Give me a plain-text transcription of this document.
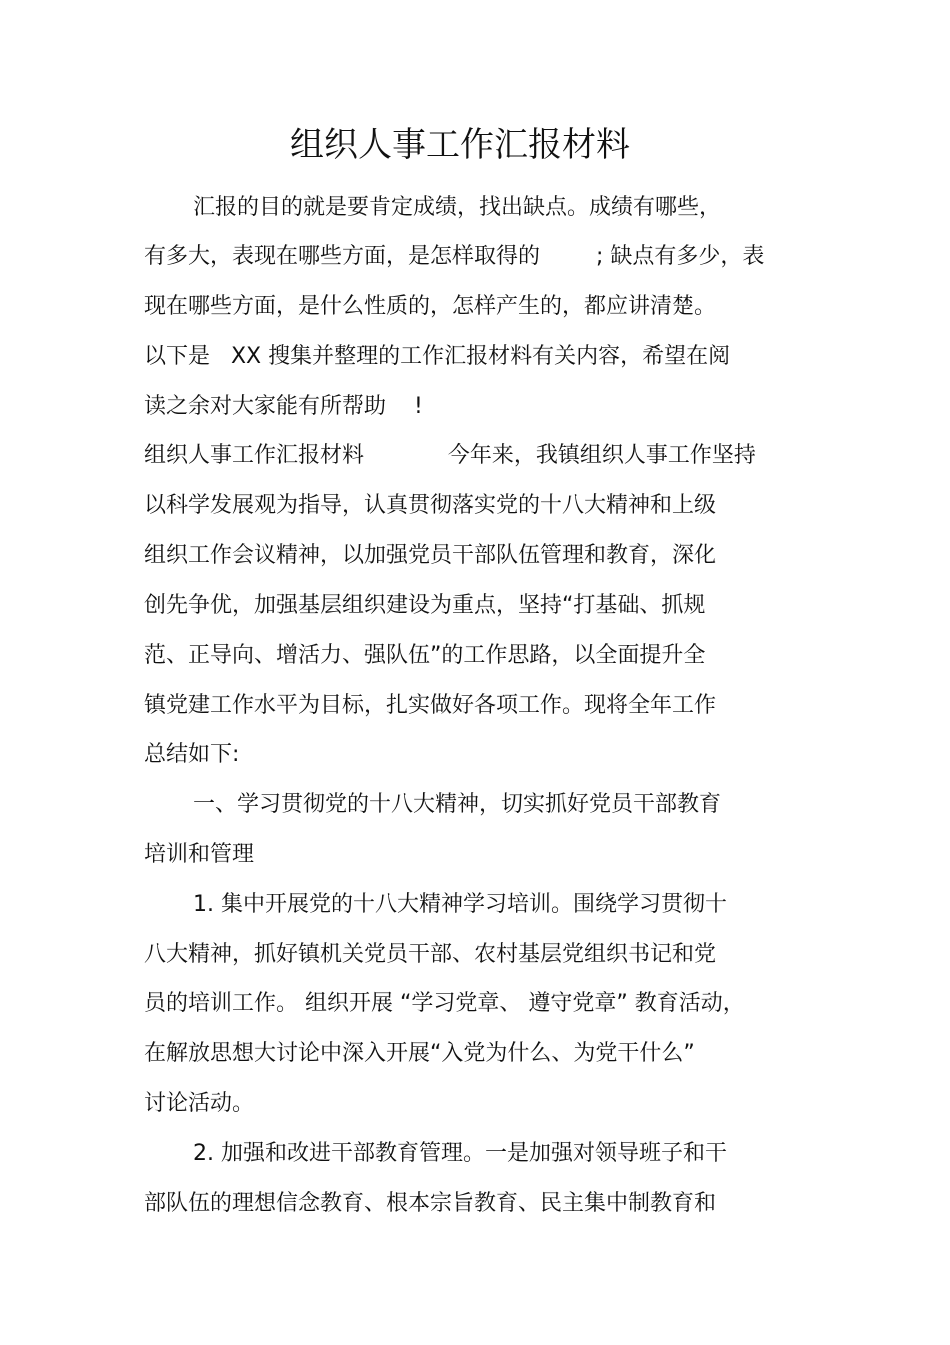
组织人事工作汇报材料
汇报的目的就是要肯定成绩，找出缺点。成绩有哪些，
有多大，表现在哪些方面，是怎样取得的        ; 缺点有多少，表
现在哪些方面，是什么性质的，怎样产生的，都应讲清楚。
以下是   XX 搜集并整理的工作汇报材料有关内容，希望在阅
读之余对大家能有所帮助    !
组织人事工作汇报材料            今年来，我镇组织人事工作坚持
以科学发展观为指导，认真贯彻落实党的十八大精神和上级
组织工作会议精神，以加强党员干部队伍管理和教育，深化
创先争优，加强基层组织建设为重点，坚持“打基础、抓规
范、正导向、增活力、强队伍”的工作思路，以全面提升全
镇党建工作水平为目标，扎实做好各项工作。现将全年工作
总结如下:
一、学习贯彻党的十八大精神，切实抓好党员干部教育
培训和管理
1. 集中开展党的十八大精神学习培训。围绕学习贯彻十
八大精神，抓好镇机关党员干部、农村基层党组织书记和党
员的培训工作。 组织开展 “学习党章、 遵守党章” 教育活动，
在解放思想大讨论中深入开展“入党为什么、为党干什么”
讨论活动。
2. 加强和改进干部教育管理。一是加强对领导班子和干
部队伍的理想信念教育、根本宗旨教育、民主集中制教育和
